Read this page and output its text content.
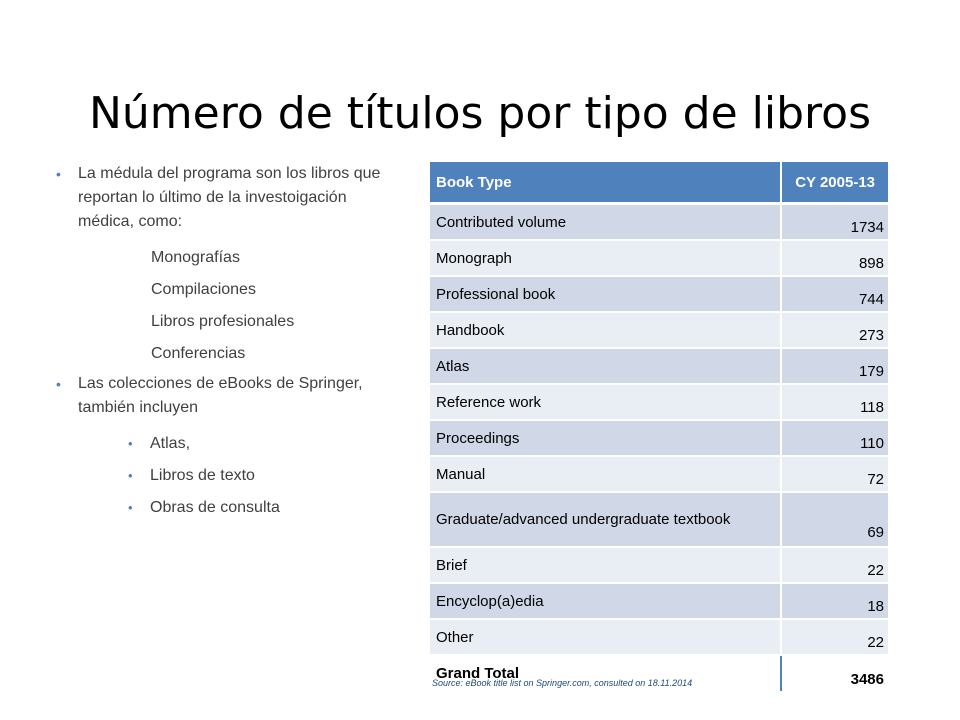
Número de títulos por tipo de libros
• La médula del programa son los libros que reportan lo último de la investoigación médica, como:
Monografías
Compilaciones
Libros profesionales
Conferencias
• Las colecciones de eBooks de Springer, también incluyen
• Atlas,
• Libros de texto
• Obras de consulta
Book Type	CY 2005-13
Contributed volume	1734
Monograph	898
Professional book	744
Handbook	273
Atlas	179
Reference work	118
Proceedings	110
Manual	72
Graduate/advanced undergraduate textbook	69
Brief	22
Encyclop(a)edia	18
Other	22
Grand Total	3486
Source: eBook title list on Springer.com, consulted on 18.11.2014
